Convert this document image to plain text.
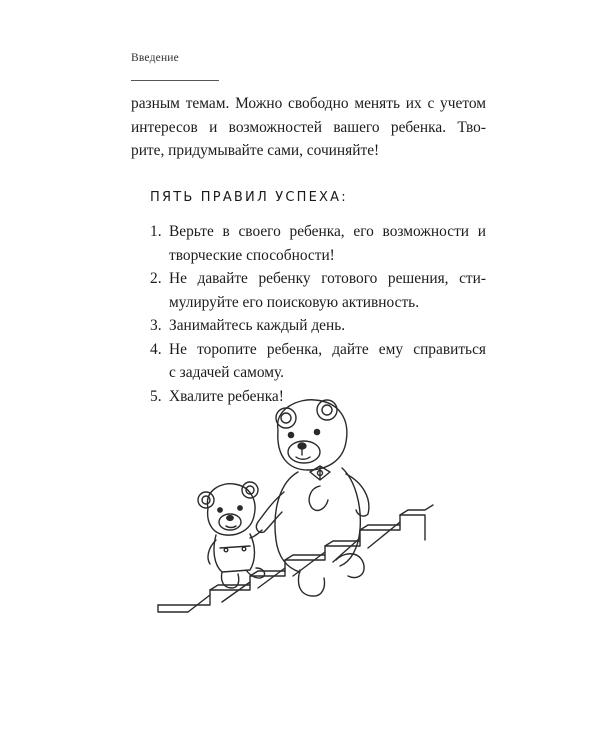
Введение

разным темам. Можно свободно менять их с учетом
интересов и возможностей вашего ребенка. Тво-
рите, придумывайте сами, сочиняйте!

ПЯТЬ ПРАВИЛ УСПЕХА:
1. Верьте в своего ребенка, его возможности и
творческие способности!
2. Не давайте ребенку готового решения, сти-
мулируйте его поисковую активность.
3. Занимайтесь каждый день.
4. Не торопите ребенка, дайте ему справиться
с задачей самому.
5. Хвалите ребенка!
